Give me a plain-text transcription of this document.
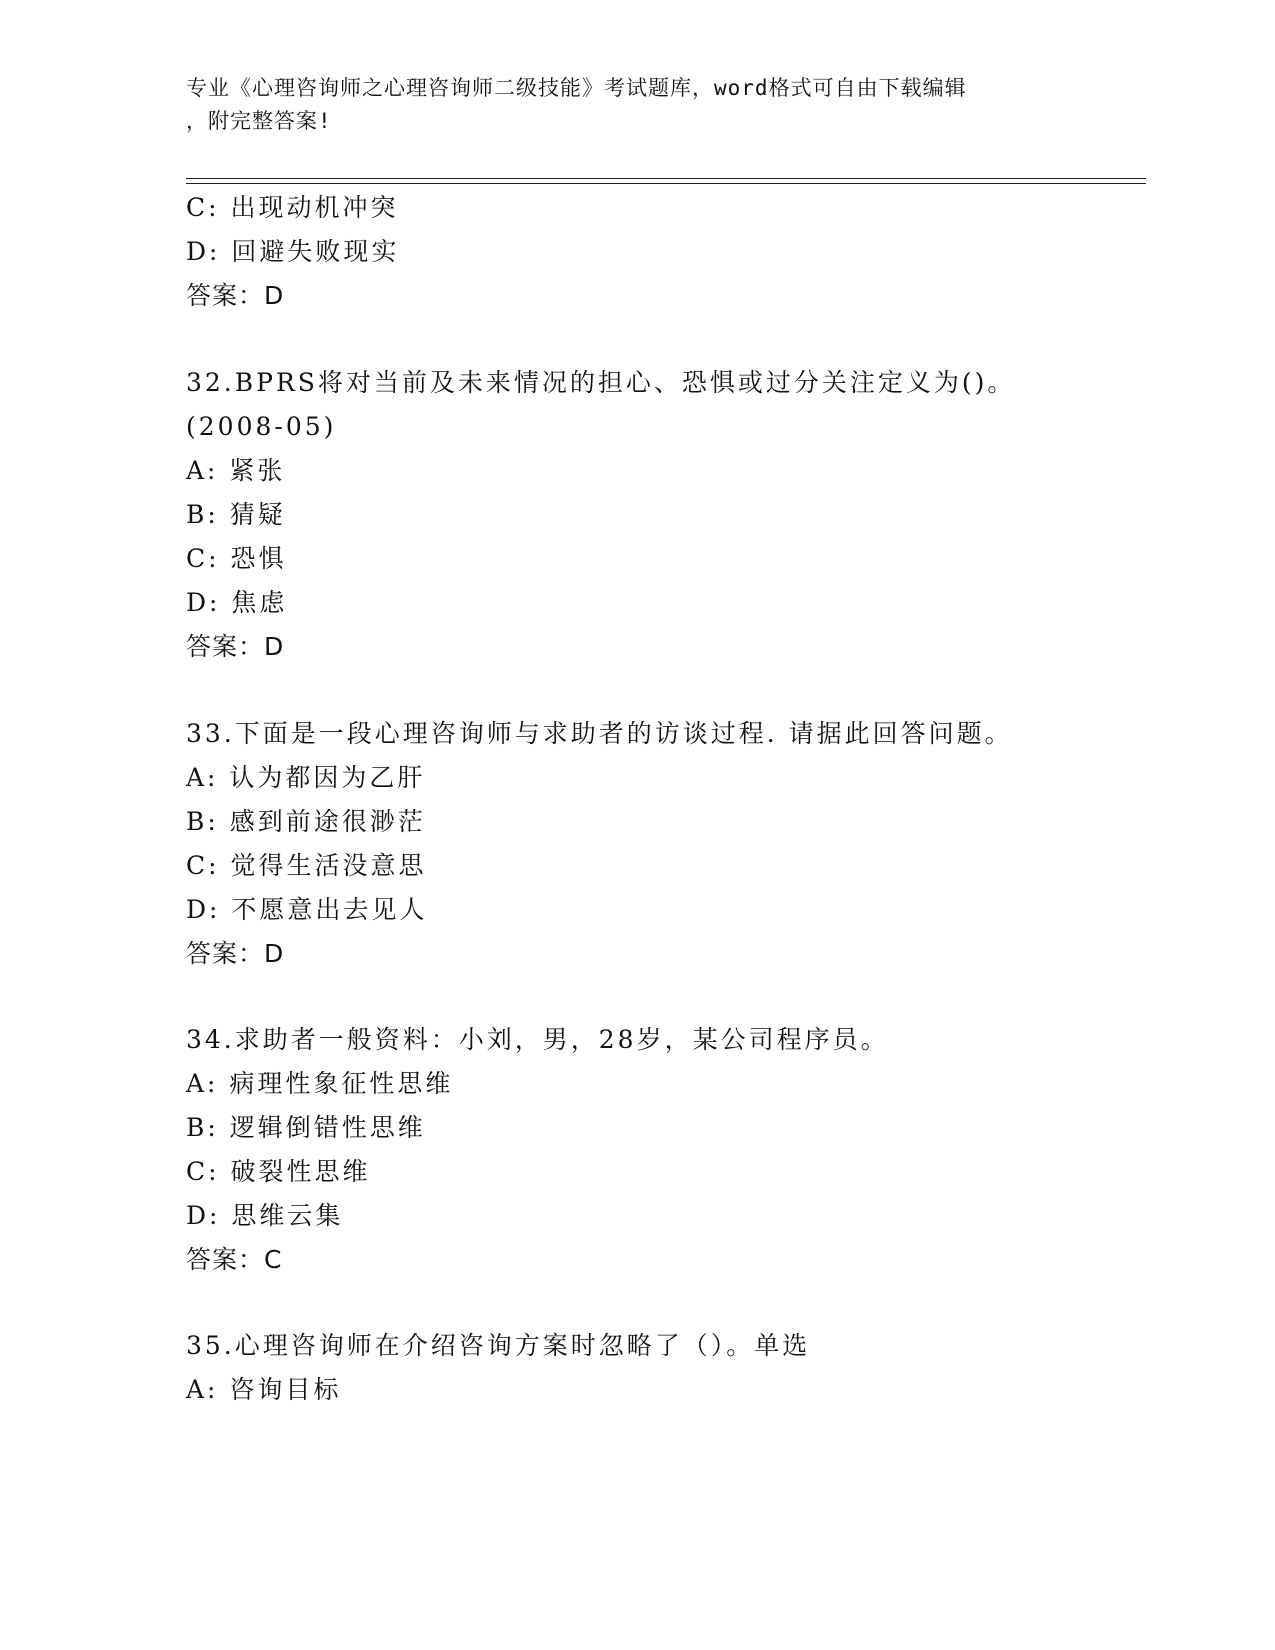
专业《心理咨询师之心理咨询师二级技能》考试题库，word格式可自由下载编辑
，附完整答案!
C: 出现动机冲突
D: 回避失败现实
答案：D
32.BPRS将对当前及未来情况的担心、恐惧或过分关注定义为()。
(2008-05)
A: 紧张
B: 猜疑
C: 恐惧
D: 焦虑
答案：D
33.下面是一段心理咨询师与求助者的访谈过程. 请据此回答问题。
A: 认为都因为乙肝
B: 感到前途很渺茫
C: 觉得生活没意思
D: 不愿意出去见人
答案：D
34.求助者一般资料：小刘，男，28岁，某公司程序员。
A: 病理性象征性思维
B: 逻辑倒错性思维
C: 破裂性思维
D: 思维云集
答案：C
35.心理咨询师在介绍咨询方案时忽略了（）。单选
A: 咨询目标
